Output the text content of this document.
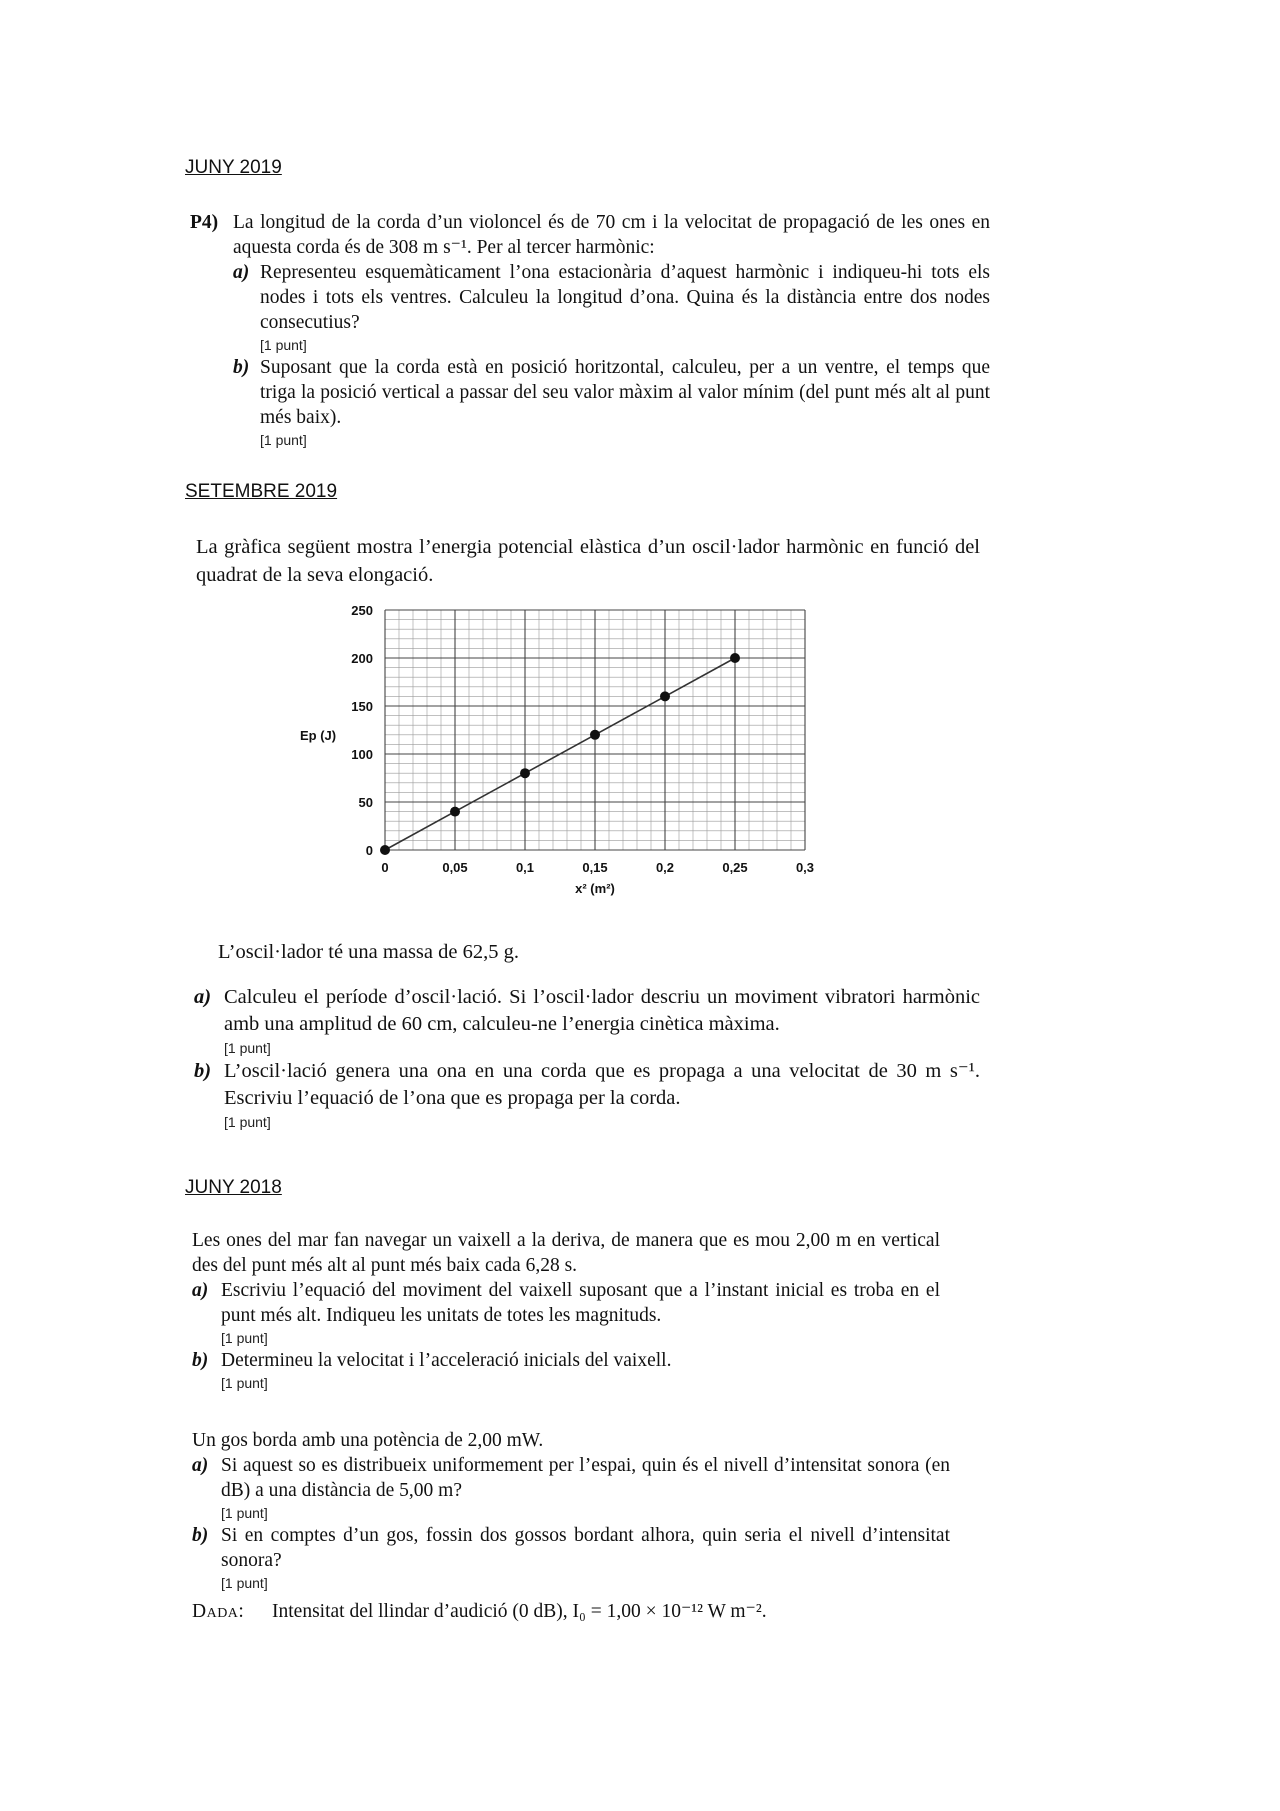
JUNY 2019

P4) La longitud de la corda d’un violoncel és de 70 cm i la velocitat de propagació de les ones en aquesta corda és de 308 m s⁻¹. Per al tercer harmònic:
a) Representeu esquemàticament l’ona estacionària d’aquest harmònic i indiqueu-hi tots els nodes i tots els ventres. Calculeu la longitud d’ona. Quina és la distància entre dos nodes consecutius?
[1 punt]
b) Suposant que la corda està en posició horitzontal, calculeu, per a un ventre, el temps que triga la posició vertical a passar del seu valor màxim al valor mínim (del punt més alt al punt més baix).
[1 punt]

SETEMBRE 2019

La gràfica següent mostra l’energia potencial elàstica d’un oscil·lador harmònic en funció del quadrat de la seva elongació.
0	0,05	0,1	0,15	0,2	0,25	0,3
0
50
100
150
200
250
x² (m²)
Ep (J)
L’oscil·lador té una massa de 62,5 g.
a) Calculeu el període d’oscil·lació. Si l’oscil·lador descriu un moviment vibratori harmònic amb una amplitud de 60 cm, calculeu-ne l’energia cinètica màxima.
[1 punt]
b) L’oscil·lació genera una ona en una corda que es propaga a una velocitat de 30 m s⁻¹. Escriviu l’equació de l’ona que es propaga per la corda.
[1 punt]

JUNY 2018

Les ones del mar fan navegar un vaixell a la deriva, de manera que es mou 2,00 m en vertical des del punt més alt al punt més baix cada 6,28 s.
a) Escriviu l’equació del moviment del vaixell suposant que a l’instant inicial es troba en el punt més alt. Indiqueu les unitats de totes les magnituds.
[1 punt]
b) Determineu la velocitat i l’acceleració inicials del vaixell.
[1 punt]
Un gos borda amb una potència de 2,00 mW.
a) Si aquest so es distribueix uniformement per l’espai, quin és el nivell d’intensitat sonora (en dB) a una distància de 5,00 m?
[1 punt]
b) Si en comptes d’un gos, fossin dos gossos bordant alhora, quin seria el nivell d’intensitat sonora?
[1 punt]
Dada:	Intensitat del llindar d’audició (0 dB), I₀ = 1,00 × 10⁻¹² W m⁻².
